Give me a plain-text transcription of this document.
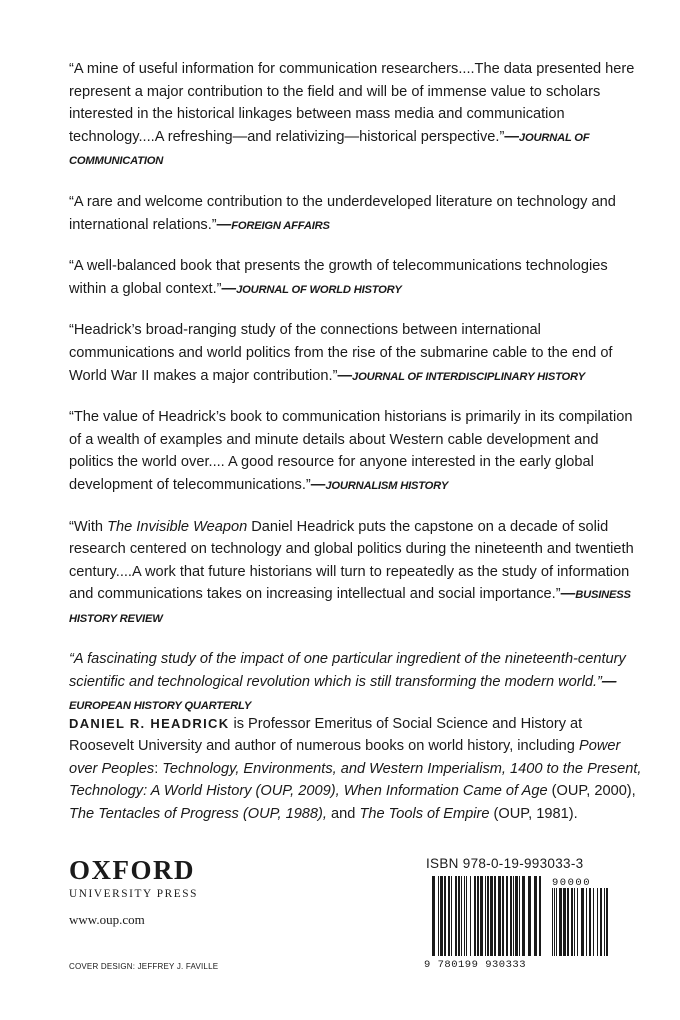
“A mine of useful information for communication researchers....The data presented here represent a major contribution to the field and will be of immense value to scholars interested in the historical linkages between mass media and communication technology....A refreshing—and relativizing—historical perspective.”—JOURNAL OF COMMUNICATION

“A rare and welcome contribution to the underdeveloped literature on technology and international relations.”—FOREIGN AFFAIRS

“A well-balanced book that presents the growth of telecommunications technologies within a global context.”—JOURNAL OF WORLD HISTORY

“Headrick’s broad-ranging study of the connections between international communications and world politics from the rise of the submarine cable to the end of World War II makes a major contribution.”—JOURNAL OF INTERDISCIPLINARY HISTORY

“The value of Headrick’s book to communication historians is primarily in its compilation of a wealth of examples and minute details about Western cable development and politics the world over.... A good resource for anyone interested in the early global development of telecommunications.”—JOURNALISM HISTORY

“With The Invisible Weapon Daniel Headrick puts the capstone on a decade of solid research centered on technology and global politics during the nineteenth and twentieth century....A work that future historians will turn to repeatedly as the study of information and communications takes on increasing intellectual and social importance.”—BUSINESS HISTORY REVIEW

“A fascinating study of the impact of one particular ingredient of the nineteenth-century scientific and technological revolution which is still transforming the modern world.”—EUROPEAN HISTORY QUARTERLY

DANIEL R. HEADRICK is Professor Emeritus of Social Science and History at Roosevelt University and author of numerous books on world history, including Power over Peoples: Technology, Environments, and Western Imperialism, 1400 to the Present, Technology: A World History (OUP, 2009), When Information Came of Age (OUP, 2000), The Tentacles of Progress (OUP, 1988), and The Tools of Empire (OUP, 1981).

OXFORD
UNIVERSITY PRESS
www.oup.com
COVER DESIGN: JEFFREY J. FAVILLE
ISBN 978-0-19-993033-3
9 780199 930333
90000
